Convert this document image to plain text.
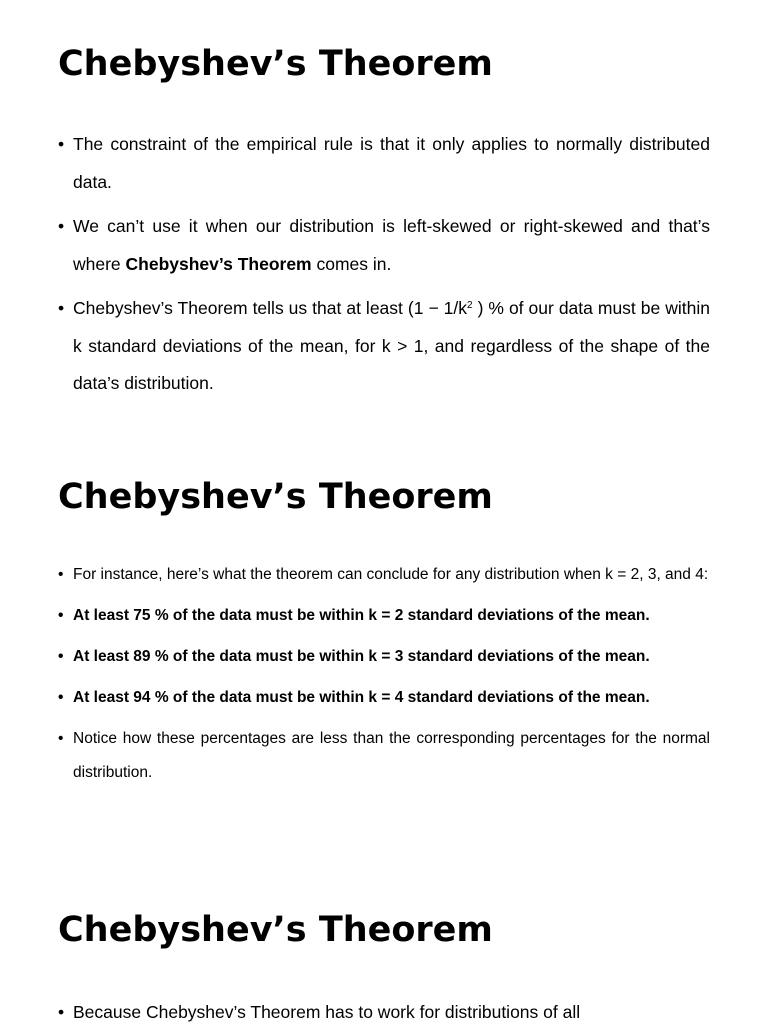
Chebyshev’s Theorem
• The constraint of the empirical rule is that it only applies to normally distributed data.
• We can’t use it when our distribution is left-skewed or right-skewed and that’s where Chebyshev’s Theorem comes in.
• Chebyshev’s Theorem tells us that at least ($1 - 1/k^2$ ) % of our data must be within k standard deviations of the mean, for k > 1, and regardless of the shape of the data’s distribution.
Chebyshev’s Theorem
• For instance, here’s what the theorem can conclude for any distribution when k = 2, 3, and 4:
• At least 75 % of the data must be within k = 2 standard deviations of the mean.
• At least 89 % of the data must be within k = 3 standard deviations of the mean.
• At least 94 % of the data must be within k = 4 standard deviations of the mean.
• Notice how these percentages are less than the corresponding percentages for the normal distribution.
Chebyshev’s Theorem
• Because Chebyshev’s Theorem has to work for distributions of all
